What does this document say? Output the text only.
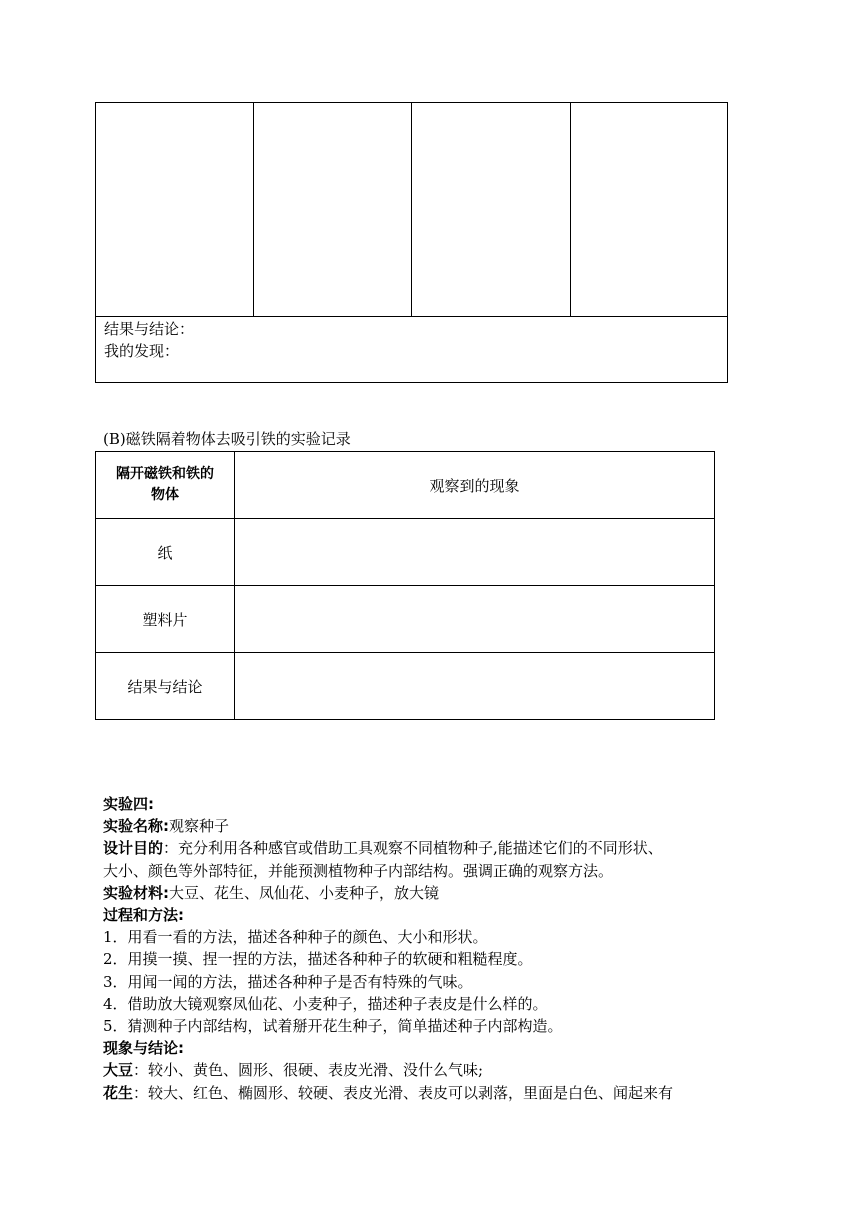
结果与结论：
我的发现：
(B)磁铁隔着物体去吸引铁的实验记录
隔开磁铁和铁的
物体	观察到的现象
纸	
塑料片	
结果与结论	

实验四:

实验名称:观察种子

设计目的：充分利用各种感官或借助工具观察不同植物种子,能描述它们的不同形状、

大小、颜色等外部特征，并能预测植物种子内部结构。强调正确的观察方法。

实验材料:大豆、花生、凤仙花、小麦种子，放大镜

过程和方法:

1．用看一看的方法，描述各种种子的颜色、大小和形状。

2．用摸一摸、捏一捏的方法，描述各种种子的软硬和粗糙程度。

3．用闻一闻的方法，描述各种种子是否有特殊的气味。

4．借助放大镜观察凤仙花、小麦种子，描述种子表皮是什么样的。

5．猜测种子内部结构，试着掰开花生种子，简单描述种子内部构造。

现象与结论:

大豆：较小、黄色、圆形、很硬、表皮光滑、没什么气味;

花生：较大、红色、椭圆形、较硬、表皮光滑、表皮可以剥落，里面是白色、闻起来有
